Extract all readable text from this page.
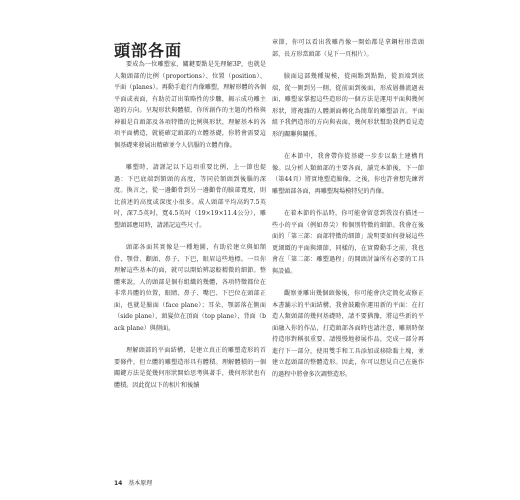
頭部各面

要成為一位雕塑家，關鍵要點是先理解3P，也就是人類頭部的比例（proportions）、位置（position）、平面（planes）。再動手進行肖像雕塑，理解形體的各個平面或表面，有助於訂出策略性的步驟，揭示成功雕主題的方向。呈現形狀與體積，你所創作的主題的性格與神韻是自頭部及各項特徵的比例與形狀，理解基本的各項平面構造，就能確定頭部的立體基礎，你將會需要這個基礎來發展出精確並令人信服的立體肖像。

雕塑時，請謹記以下這項重要比例，上一節也提過：下巴底端到額頭的高度，等同於額頭到後腦的深度。換言之，從一邊顴骨到另一邊顴骨的臉部寬度，則比前述的高度或深度小很多。成人頭部平均高約7.5英吋，深7.5英吋，寬4.5英吋（19×19×11.4公分），雕塑頭部應用時，請謹記這些尺寸。

頭部各面其實像是一種地圖，有助於建立與如額骨、顎骨、顴頭、鼻子、下巴，眼眉這些地標。一旦你理解這些基本的面，就可以開始辨認較精微的細節。整體來說，人的頭部是個有組織的幾體，各項特徵都位在非常具體的位置，眼睛、鼻子、嘴巴、下巴位在頭部正面，也就是臉面（face plane）；耳朵、顎部落在側面（side plane），頭髮位在頂面（top plane），背面（back plane）與側面。

理解頭部的平面結構，是建立真正的雕塑造形的首要條件，但立體的雕塑造形具有體積。理解體積的一個關鍵方法是從幾何形狀開始思考與著手，幾何形狀也有體積。因此從以下的相片和後續

章節，你可以看出我雕肖像一開始都是拿鋼柱形當頭部，長方形當頭部（見下一頁相片）。

臉面這部幾種規模，從兩點到點點，從頂端到底端，從一側到另一側，從前面到後面，形成層疊流過表面，雕塑家掌握這些造形的一個方法是運用平面與幾何形狀，將複雜的人體測面轉化為簡單的雕塑語言。平面組予我們造形的方向與表面，幾何形狀幫助我們看見造形的關聯與關係。

在本節中，我會帶你從基礎一步步以黏土建構肖像。以分析人類頭部的主要各面，讀完本節後，下一節（第44頁）將實地塑造臉像，之後，你也許會想先練習雕塑頭部各面，再雕塑現場模特兒的肖像。

在着本節的作品時，你可能會留意到我沒有描述一些小的平面（例如鼻尖）和個別特徵的細節。我會在後面的「第三部：面部特徵的細節」說明要如何發展這些更細緻的平面與細節，同樣的，在實際動手之前，我也會在「第二部：雕塑過程」的開頭討論所有必要的工具與設備。

觀察並雕出幾個頭像後，你可能會決定簡化或修正本書舖示的平面結構，我會鼓勵你運用新的平面：在打造人類頭部的幾何基礎時，請不要猶豫，將這些新的平面融入你的作品，打造頭部各面時也請注意，雕刻時保持造形對稱很重要。請慢慢地發展作品，完成一部分再進行下一部分，使用雙手和工具添加或移除黏土塊，並建立起頭部的整體造形。因此，你可以想見自己在施作的過程中將會多次調整造形。

14 基本原理
